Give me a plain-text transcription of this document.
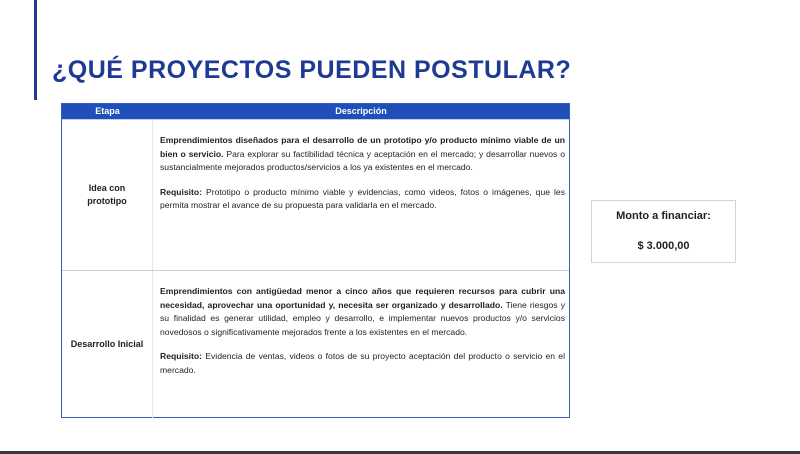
¿QUÉ PROYECTOS PUEDEN POSTULAR?
Etapa	Descripción
Idea con prototipo

Emprendimientos diseñados para el desarrollo de un prototipo y/o producto mínimo viable de un bien o servicio. Para explorar su factibilidad técnica y aceptación en el mercado; y desarrollar nuevos o sustancialmente mejorados productos/servicios a los ya existentes en el mercado.

Requisito: Prototipo o producto mínimo viable y evidencias, como videos, fotos o imágenes, que les permita mostrar el avance de su propuesta para validarla en el mercado.

Desarrollo Inicial

Emprendimientos con antigüedad menor a cinco años que requieren recursos para cubrir una necesidad, aprovechar una oportunidad y, necesita ser organizado y desarrollado. Tiene riesgos y su finalidad es generar utilidad, empleo y desarrollo, e implementar nuevos productos y/o servicios novedosos o significativamente mejorados frente a los existentes en el mercado.

Requisito: Evidencia de ventas, videos o fotos de su proyecto aceptación del producto o servicio en el mercado.

Monto a financiar:
$ 3.000,00
